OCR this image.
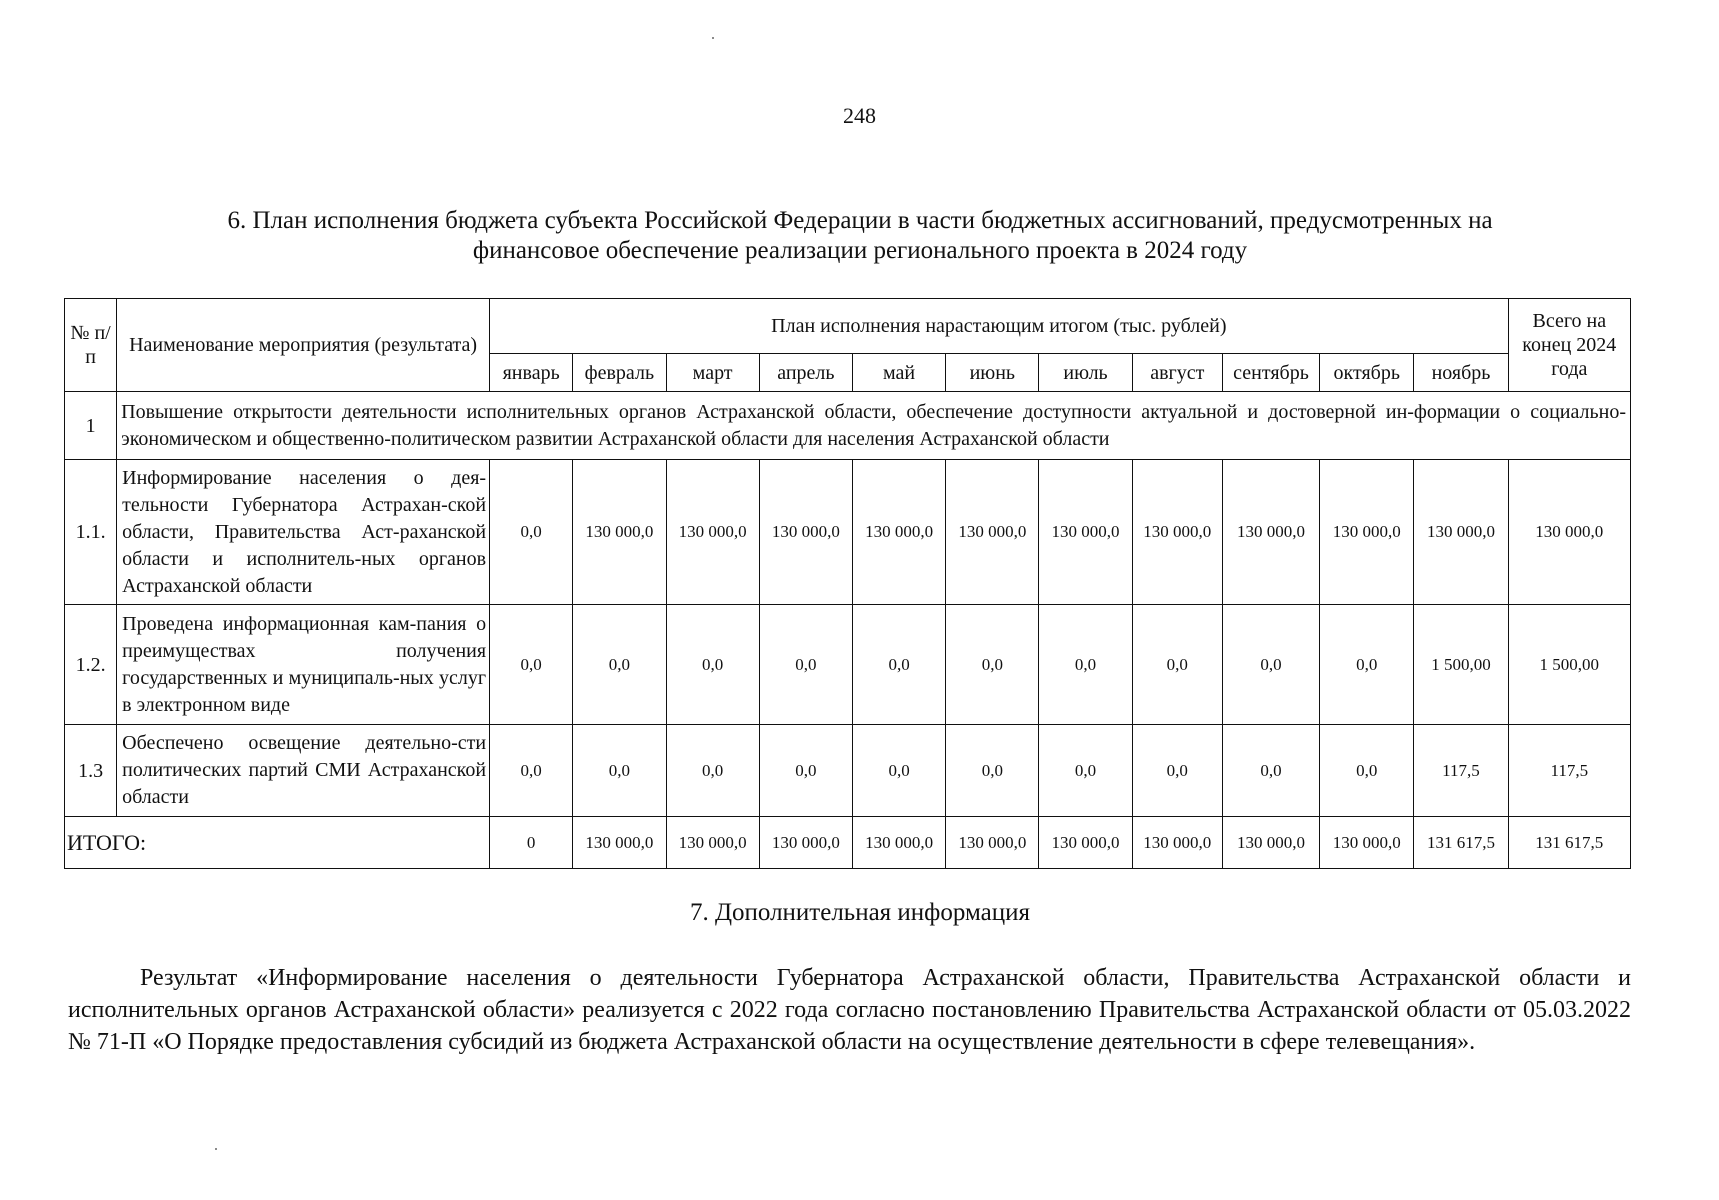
248
6. План исполнения бюджета субъекта Российской Федерации в части бюджетных ассигнований, предусмотренных на
финансовое обеспечение реализации регионального проекта в 2024 году
№ п/п	Наименование мероприятия (результата)	План исполнения нарастающим итогом (тыс. рублей)											Всего на конец 2024 года
		январь	февраль	март	апрель	май	июнь	июль	август	сентябрь	октябрь	ноябрь	
1	Повышение открытости деятельности исполнительных органов Астраханской области, обеспечение доступности актуальной и достоверной ин-формации о социально-экономическом и общественно-политическом развитии Астраханской области для населения Астраханской области												
1.1.	Информирование населения о дея-тельности Губернатора Астрахан-ской области, Правительства Аст-раханской области и исполнитель-ных органов Астраханской области	0,0	130 000,0	130 000,0	130 000,0	130 000,0	130 000,0	130 000,0	130 000,0	130 000,0	130 000,0	130 000,0	130 000,0
1.2.	Проведена информационная кам-пания о преимуществах получения государственных и муниципаль-ных услуг в электронном виде	0,0	0,0	0,0	0,0	0,0	0,0	0,0	0,0	0,0	0,0	1 500,00	1 500,00
1.3	Обеспечено освещение деятельно-сти политических партий СМИ Астраханской области	0,0	0,0	0,0	0,0	0,0	0,0	0,0	0,0	0,0	0,0	117,5	117,5
ИТОГО:		0	130 000,0	130 000,0	130 000,0	130 000,0	130 000,0	130 000,0	130 000,0	130 000,0	130 000,0	131 617,5	131 617,5
7. Дополнительная информация
Результат «Информирование населения о деятельности Губернатора Астраханской области, Правительства Астраханской области и исполнительных органов Астраханской области» реализуется с 2022 года согласно постановлению Правительства Астраханской области от 05.03.2022 № 71-П «О Порядке предоставления субсидий из бюджета Астраханской области на осуществление деятельности в сфере телевещания».
